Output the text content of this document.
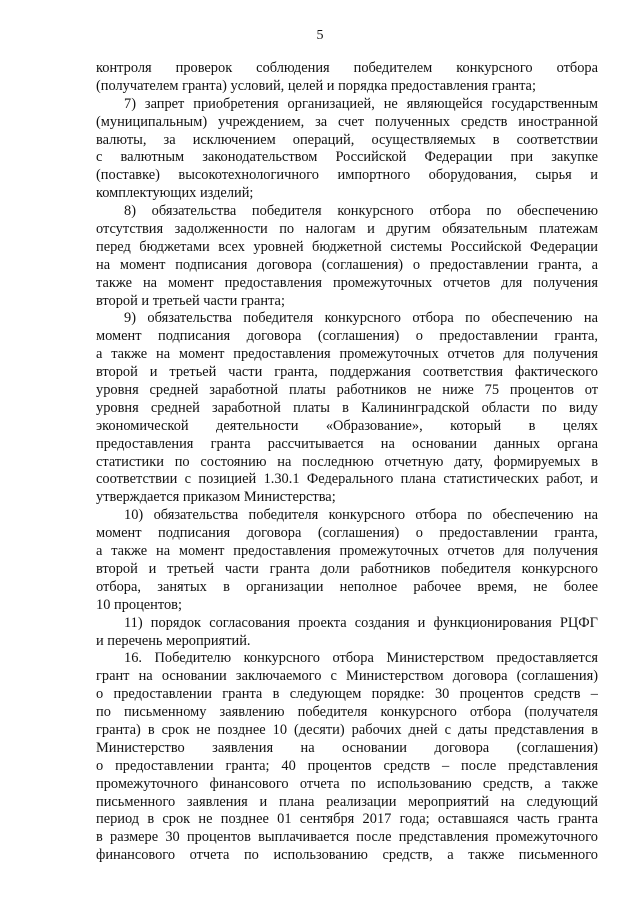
5
контроля проверок соблюдения победителем конкурсного отбора
(получателем гранта) условий, целей и порядка предоставления гранта;
7) запрет приобретения организацией, не являющейся государственным
(муниципальным) учреждением, за счет полученных средств иностранной
валюты, за исключением операций, осуществляемых в соответствии
с валютным законодательством Российской Федерации при закупке
(поставке) высокотехнологичного импортного оборудования, сырья и
комплектующих изделий;
8) обязательства победителя конкурсного отбора по обеспечению
отсутствия задолженности по налогам и другим обязательным платежам
перед бюджетами всех уровней бюджетной системы Российской Федерации
на момент подписания договора (соглашения) о предоставлении гранта, а
также на момент предоставления промежуточных отчетов для получения
второй и третьей части гранта;
9) обязательства победителя конкурсного отбора по обеспечению на
момент подписания договора (соглашения) о предоставлении гранта,
а также на момент предоставления промежуточных отчетов для получения
второй и третьей части гранта, поддержания соответствия фактического
уровня средней заработной платы работников не ниже 75 процентов от
уровня средней заработной платы в Калининградской области по виду
экономической деятельности «Образование», который в целях
предоставления гранта рассчитывается на основании данных органа
статистики по состоянию на последнюю отчетную дату, формируемых в
соответствии с позицией 1.30.1 Федерального плана статистических работ, и
утверждается приказом Министерства;
10) обязательства победителя конкурсного отбора по обеспечению на
момент подписания договора (соглашения) о предоставлении гранта,
а также на момент предоставления промежуточных отчетов для получения
второй и третьей части гранта доли работников победителя конкурсного
отбора, занятых в организации неполное рабочее время, не более
10 процентов;
11) порядок согласования проекта создания и функционирования РЦФГ
и перечень мероприятий.
16. Победителю конкурсного отбора Министерством предоставляется
грант на основании заключаемого с Министерством договора (соглашения)
о предоставлении гранта в следующем порядке: 30 процентов средств –
по письменному заявлению победителя конкурсного отбора (получателя
гранта) в срок не позднее 10 (десяти) рабочих дней с даты представления в
Министерство заявления на основании договора (соглашения)
о предоставлении гранта; 40 процентов средств – после представления
промежуточного финансового отчета по использованию средств, а также
письменного заявления и плана реализации мероприятий на следующий
период в срок не позднее 01 сентября 2017 года; оставшаяся часть гранта
в размере 30 процентов выплачивается после представления промежуточного
финансового отчета по использованию средств, а также письменного
